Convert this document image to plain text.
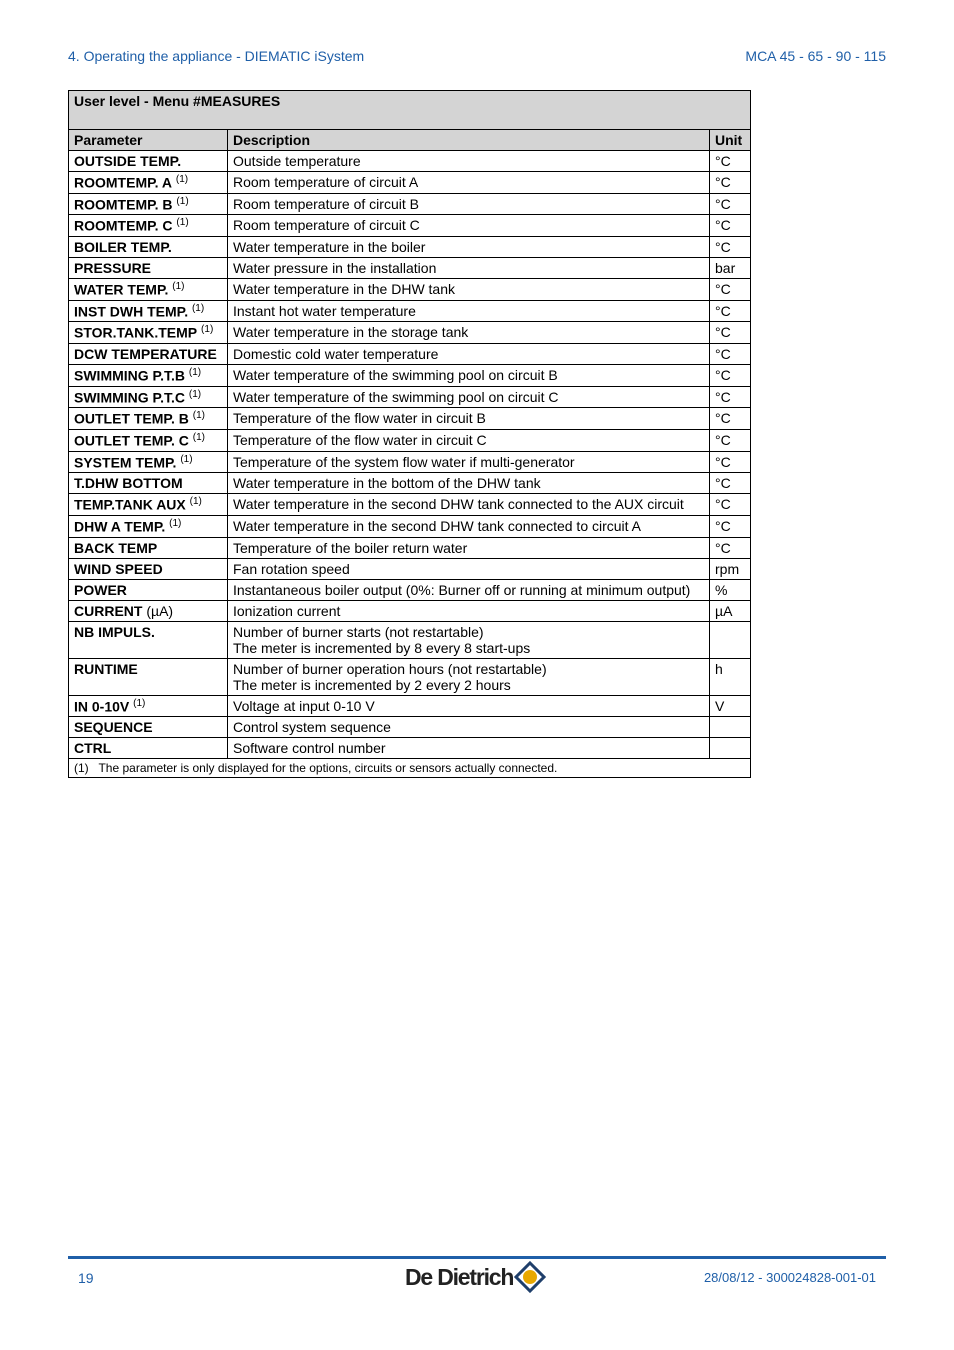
4. Operating the appliance - DIEMATIC iSystem	MCA 45 - 65 - 90 - 115
User level - Menu #MEASURES		
Parameter	Description	Unit
OUTSIDE TEMP.	Outside temperature	°C
ROOMTEMP. A $^{(1)}$	Room temperature of circuit A	°C
ROOMTEMP. B $^{(1)}$	Room temperature of circuit B	°C
ROOMTEMP. C $^{(1)}$	Room temperature of circuit C	°C
BOILER TEMP.	Water temperature in the boiler	°C
PRESSURE	Water pressure in the installation	bar
WATER TEMP. $^{(1)}$	Water temperature in the DHW tank	°C
INST DWH TEMP. $^{(1)}$	Instant hot water temperature	°C
STOR.TANK.TEMP $^{(1)}$	Water temperature in the storage tank	°C
DCW TEMPERATURE	Domestic cold water temperature	°C
SWIMMING P.T.B $^{(1)}$	Water temperature of the swimming pool on circuit B	°C
SWIMMING P.T.C $^{(1)}$	Water temperature of the swimming pool on circuit C	°C
OUTLET TEMP. B $^{(1)}$	Temperature of the flow water in circuit B	°C
OUTLET TEMP. C $^{(1)}$	Temperature of the flow water in circuit C	°C
SYSTEM TEMP. $^{(1)}$	Temperature of the system flow water if multi-generator	°C
T.DHW BOTTOM	Water temperature in the bottom of the DHW tank	°C
TEMP.TANK AUX $^{(1)}$	Water temperature in the second DHW tank connected to the AUX circuit	°C
DHW A TEMP. $^{(1)}$	Water temperature in the second DHW tank connected to circuit A	°C
BACK TEMP	Temperature of the boiler return water	°C
WIND SPEED	Fan rotation speed	rpm
POWER	Instantaneous boiler output (0%: Burner off or running at minimum output)	%
CURRENT (µA)	Ionization current	µA
NB IMPULS.	Number of burner starts (not restartable)
The meter is incremented by 8 every 8 start-ups	

RUNTIME	Number of burner operation hours (not restartable)
The meter is incremented by 2 every 2 hours	h
IN 0-10V $^{(1)}$	Voltage at input 0-10 V	V
SEQUENCE	Control system sequence	

CTRL	Software control number	

(1) The parameter is only displayed for the options, circuits or sensors actually connected.		
19	De Dietrich	28/08/12 - 300024828-001-01
